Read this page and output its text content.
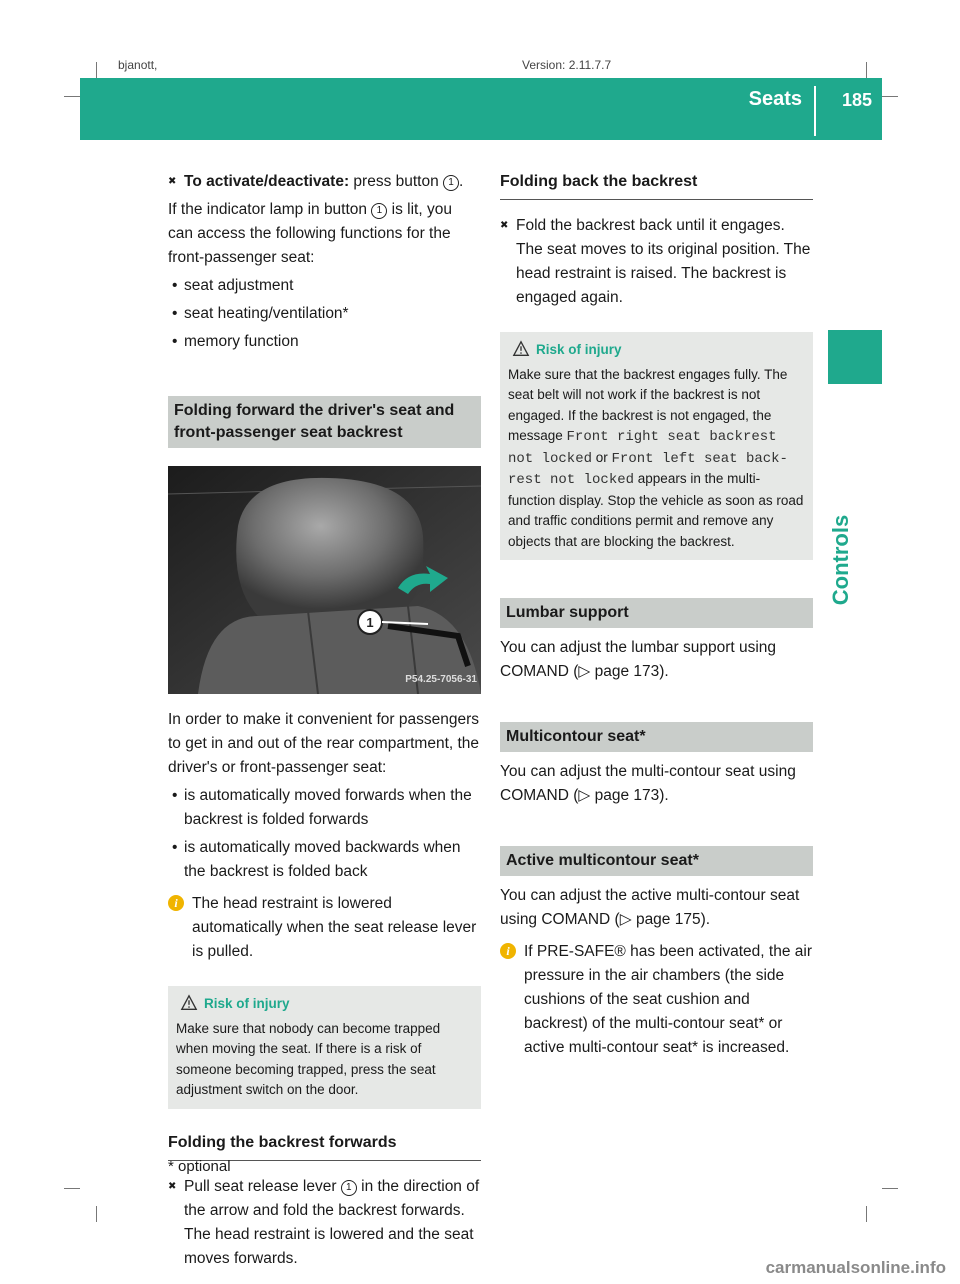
bjanott,	Version: 2.11.7.7
Seats 185
Controls

✖ To activate/deactivate: press button 1 .

If the indicator lamp in button 1 is lit, you can access the following functions for the front-passenger seat:

• seat adjustment

• seat heating/ventilation*

• memory function

Folding forward the driver's seat and front-passenger seat backrest
1
P54.25-7056-31

In order to make it convenient for passengers to get in and out of the rear compartment, the driver's or front-passenger seat:

• is automatically moved forwards when the backrest is folded forwards

• is automatically moved backwards when the backrest is folded back

i The head restraint is lowered automatically when the seat release lever is pulled.
Risk of injury
Make sure that nobody can become trapped when moving the seat. If there is a risk of someone becoming trapped, press the seat adjustment switch on the door.
Folding the backrest forwards

✖ Pull seat release lever 1 in the direction of the arrow and fold the backrest forwards. The head restraint is lowered and the seat moves forwards.

Folding back the backrest

✖ Fold the backrest back until it engages. The seat moves to its original position. The head restraint is raised. The backrest is engaged again.

Risk of injury
Make sure that the backrest engages fully. The seat belt will not work if the backrest is not engaged. If the backrest is not engaged, the message Front right seat backrest not locked or Front left seat back-rest not locked appears in the multi-function display. Stop the vehicle as soon as road and traffic conditions permit and remove any objects that are blocking the backrest.
Lumbar support

You can adjust the lumbar support using COMAND (▷ page 173).

Multicontour seat*

You can adjust the multi-contour seat using COMAND (▷ page 173).

Active multicontour seat*

You can adjust the active multi-contour seat using COMAND (▷ page 175).

i If PRE-SAFE® has been activated, the air pressure in the air chambers (the side cushions of the seat cushion and backrest) of the multi-contour seat* or active multi-contour seat* is increased.
* optional
carmanualsonline.info
